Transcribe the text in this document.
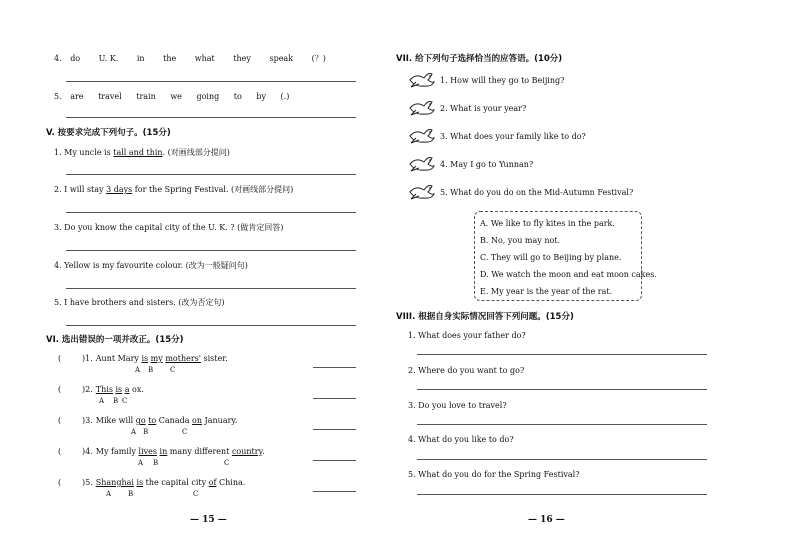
4. do U. K. in the what they speak (？)
5. are travel train we going to by (.)
V. 按要求完成下列句子。(15分)
1. My uncle is tall and thin. (对画线部分提问)
2. I will stay 3 days for the Spring Festival. (对画线部分提问)
3. Do you know the capital city of the U. K. ? (做肯定回答)
4. Yellow is my favourite colour. (改为一般疑问句)
5. I have brothers and sisters. (改为否定句)
VI. 选出错误的一项并改正。(15分)
(	)1. Aunt Mary is my mothers' sister.
A B C
(	)2. This is a ox.
A B C
(	)3. Mike will go to Canada on January.
A B	C
(	)4. My family lives in many different country.
A B	C
(	)5. Shanghai is the capital city of China.
A B	C
— 15 —
VII. 给下列句子选择恰当的应答语。(10分)
1. How will they go to Beijing?
2. What is your year?
3. What does your family like to do?
4. May I go to Yunnan?
5. What do you do on the Mid-Autumn Festival?
A. We like to fly kites in the park.
B. No, you may not.
C. They will go to Beijing by plane.
D. We watch the moon and eat moon cakes.
E. My year is the year of the rat.
VIII. 根据自身实际情况回答下列问题。(15分)
1. What does your father do?
2. Where do you want to go?
3. Do you love to travel?
4. What do you like to do?
5. What do you do for the Spring Festival?
— 16 —
